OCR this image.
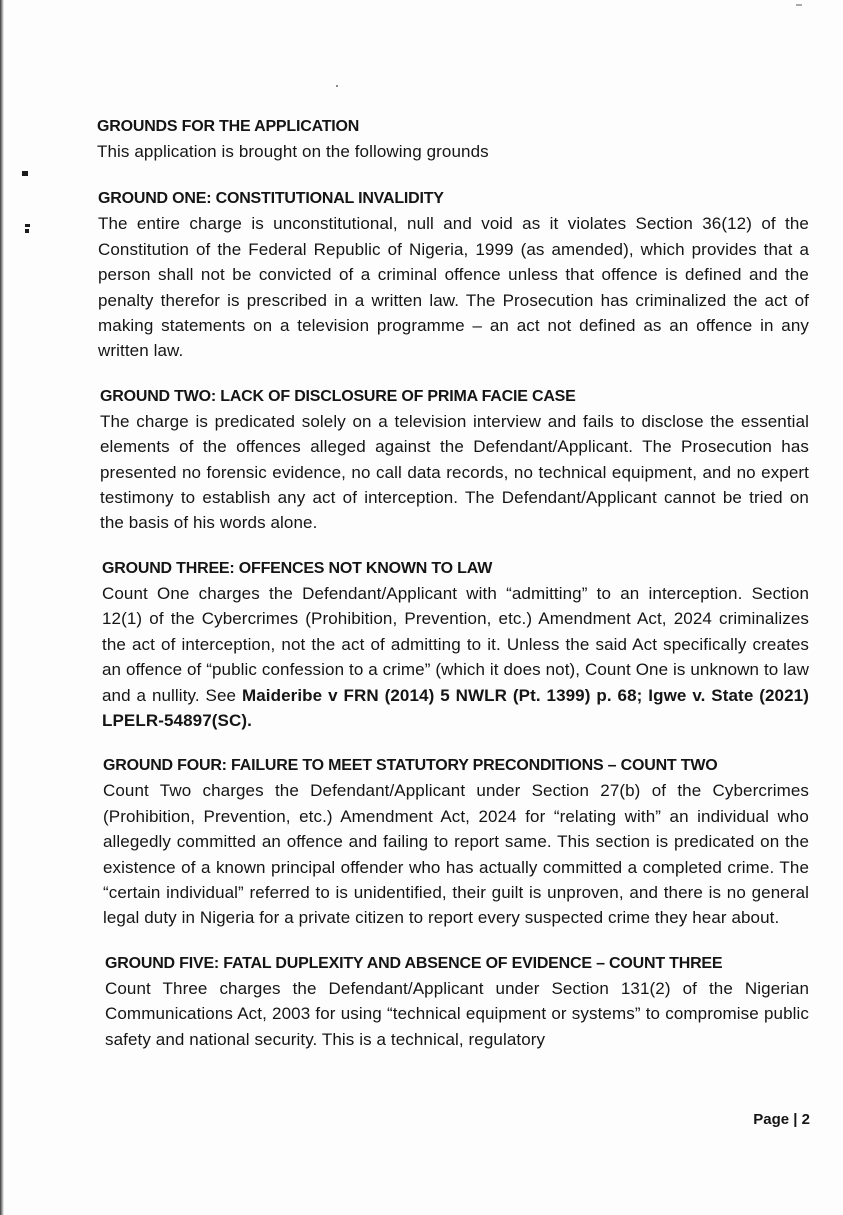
GROUNDS FOR THE APPLICATION

This application is brought on the following grounds

GROUND ONE: CONSTITUTIONAL INVALIDITY

The entire charge is unconstitutional, null and void as it violates Section 36(12) of the Constitution of the Federal Republic of Nigeria, 1999 (as amended), which provides that a person shall not be convicted of a criminal offence unless that offence is defined and the penalty therefor is prescribed in a written law. The Prosecution has criminalized the act of making statements on a television programme – an act not defined as an offence in any written law.

GROUND TWO: LACK OF DISCLOSURE OF PRIMA FACIE CASE

The charge is predicated solely on a television interview and fails to disclose the essential elements of the offences alleged against the Defendant/Applicant. The Prosecution has presented no forensic evidence, no call data records, no technical equipment, and no expert testimony to establish any act of interception. The Defendant/Applicant cannot be tried on the basis of his words alone.

GROUND THREE: OFFENCES NOT KNOWN TO LAW

Count One charges the Defendant/Applicant with “admitting” to an interception. Section 12(1) of the Cybercrimes (Prohibition, Prevention, etc.) Amendment Act, 2024 criminalizes the act of interception, not the act of admitting to it. Unless the said Act specifically creates an offence of “public confession to a crime” (which it does not), Count One is unknown to law and a nullity. See Maideribe v FRN (2014) 5 NWLR (Pt. 1399) p. 68; Igwe v. State (2021) LPELR-54897(SC).

GROUND FOUR: FAILURE TO MEET STATUTORY PRECONDITIONS – COUNT TWO

Count Two charges the Defendant/Applicant under Section 27(b) of the Cybercrimes (Prohibition, Prevention, etc.) Amendment Act, 2024 for “relating with” an individual who allegedly committed an offence and failing to report same. This section is predicated on the existence of a known principal offender who has actually committed a completed crime. The “certain individual” referred to is unidentified, their guilt is unproven, and there is no general legal duty in Nigeria for a private citizen to report every suspected crime they hear about.

GROUND FIVE: FATAL DUPLEXITY AND ABSENCE OF EVIDENCE – COUNT THREE

Count Three charges the Defendant/Applicant under Section 131(2) of the Nigerian Communications Act, 2003 for using “technical equipment or systems” to compromise public safety and national security. This is a technical, regulatory

Page | 2
